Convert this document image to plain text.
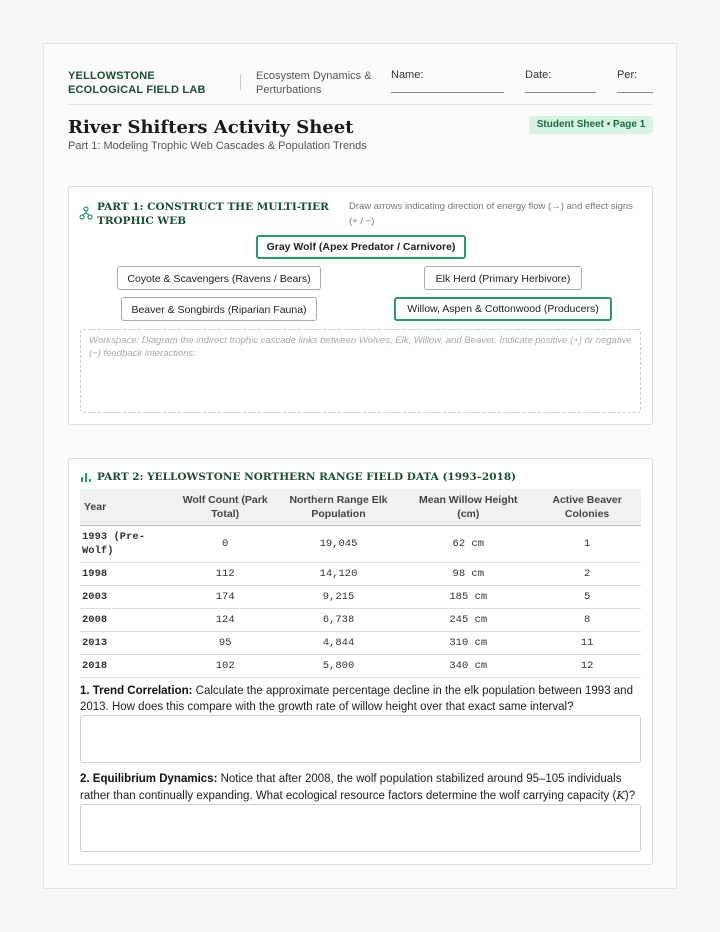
YELLOWSTONE
ECOLOGICAL FIELD LAB
Ecosystem Dynamics &
Perturbations
Name:	Date:	Per:
River Shifters Activity Sheet
Part 1: Modeling Trophic Web Cascades & Population Trends
Student Sheet • Page 1
PART 1: CONSTRUCT THE MULTI-TIER TROPHIC WEB
Draw arrows indicating direction of energy flow (→) and effect signs (+ / −)
Gray Wolf (Apex Predator / Carnivore)
Coyote & Scavengers (Ravens / Bears)	Elk Herd (Primary Herbivore)
Beaver & Songbirds (Riparian Fauna)	Willow, Aspen & Cottonwood (Producers)
Workspace: Diagram the indirect trophic cascade links between Wolves, Elk, Willow, and Beaver. Indicate positive (+) or negative (−) feedback interactions:
PART 2: YELLOWSTONE NORTHERN RANGE FIELD DATA (1993–2018)
Year	Wolf Count (Park Total)	Northern Range Elk Population	Mean Willow Height (cm)	Active Beaver Colonies
1993 (Pre-Wolf)	0	19,045	62 cm	1
1998	112	14,120	98 cm	2
2003	174	9,215	185 cm	5
2008	124	6,738	245 cm	8
2013	95	4,844	310 cm	11
2018	102	5,800	340 cm	12
1. Trend Correlation: Calculate the approximate percentage decline in the elk population between 1993 and 2013. How does this compare with the growth rate of willow height over that exact same interval?
2. Equilibrium Dynamics: Notice that after 2008, the wolf population stabilized around 95–105 individuals rather than continually expanding. What ecological resource factors determine the wolf carrying capacity (K)?
